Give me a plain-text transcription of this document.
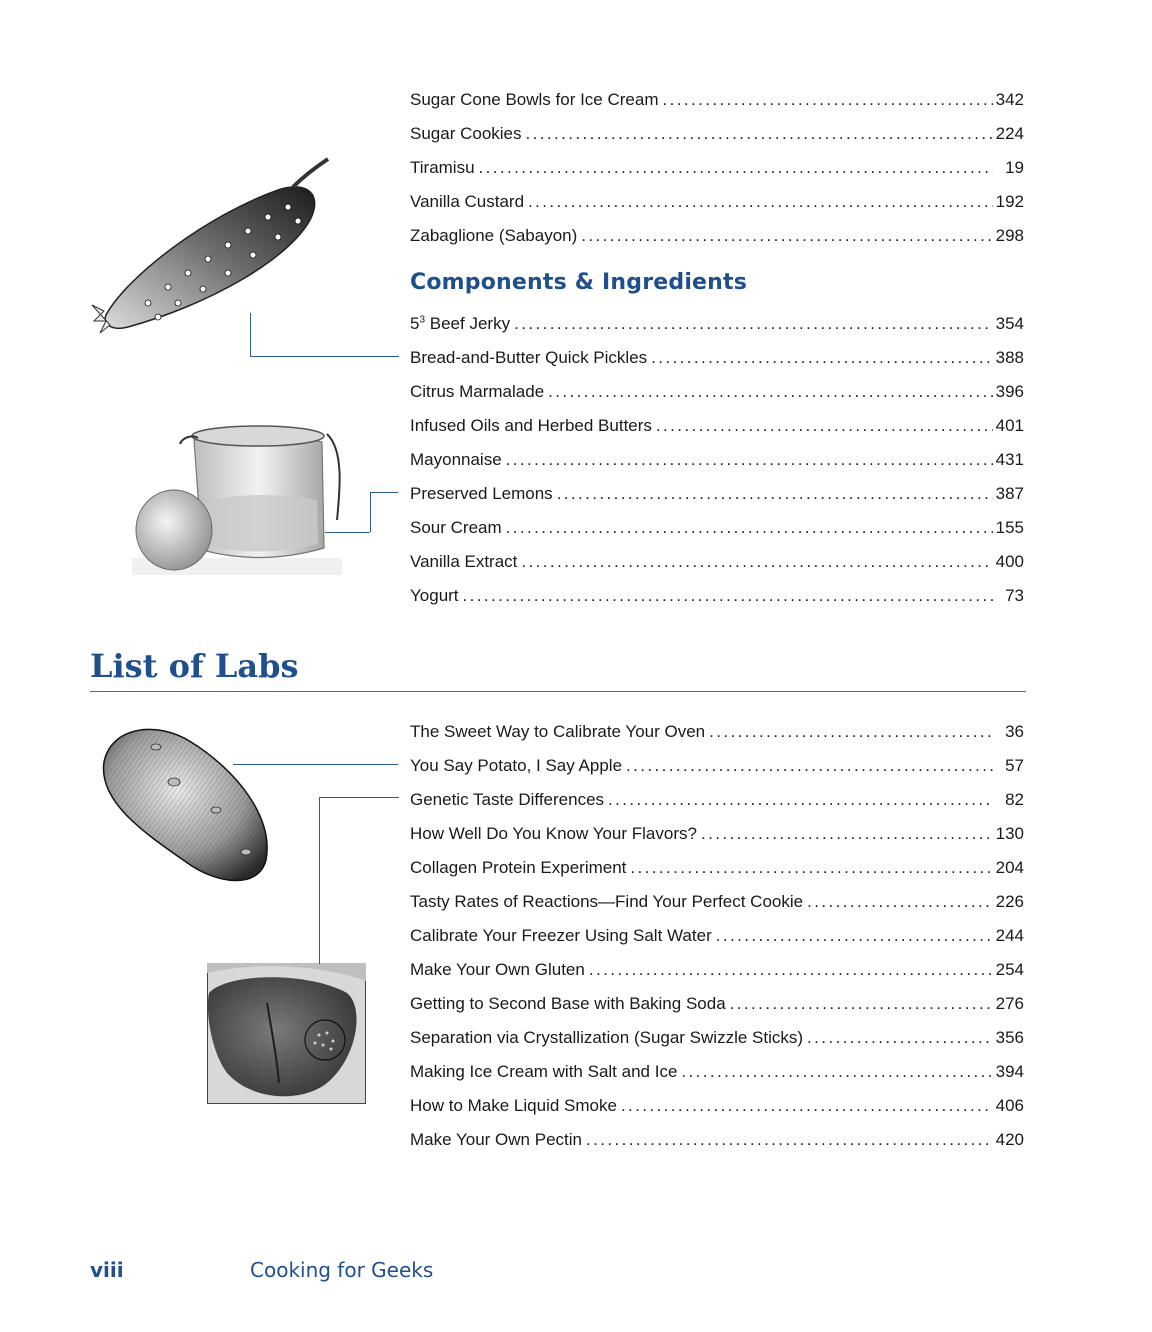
Sugar Cone Bowls for Ice Cream .....	342
Sugar Cookies .....	224
Tiramisu .....	19
Vanilla Custard .....	192
Zabaglione (Sabayon) .....	298
Components & Ingredients
$5^3$ Beef Jerky .....	354
Bread-and-Butter Quick Pickles .....	388
Citrus Marmalade .....	396
Infused Oils and Herbed Butters .....	401
Mayonnaise .....	431
Preserved Lemons .....	387
Sour Cream .....	155
Vanilla Extract .....	400
Yogurt .....	73
List of Labs
The Sweet Way to Calibrate Your Oven .....	36
You Say Potato, I Say Apple .....	57
Genetic Taste Differences .....	82
How Well Do You Know Your Flavors? .....	130
Collagen Protein Experiment .....	204
Tasty Rates of Reactions—Find Your Perfect Cookie .....	226
Calibrate Your Freezer Using Salt Water .....	244
Make Your Own Gluten .....	254
Getting to Second Base with Baking Soda .....	276
Separation via Crystallization (Sugar Swizzle Sticks) .....	356
Making Ice Cream with Salt and Ice .....	394
How to Make Liquid Smoke .....	406
Make Your Own Pectin .....	420
viii	Cooking for Geeks
